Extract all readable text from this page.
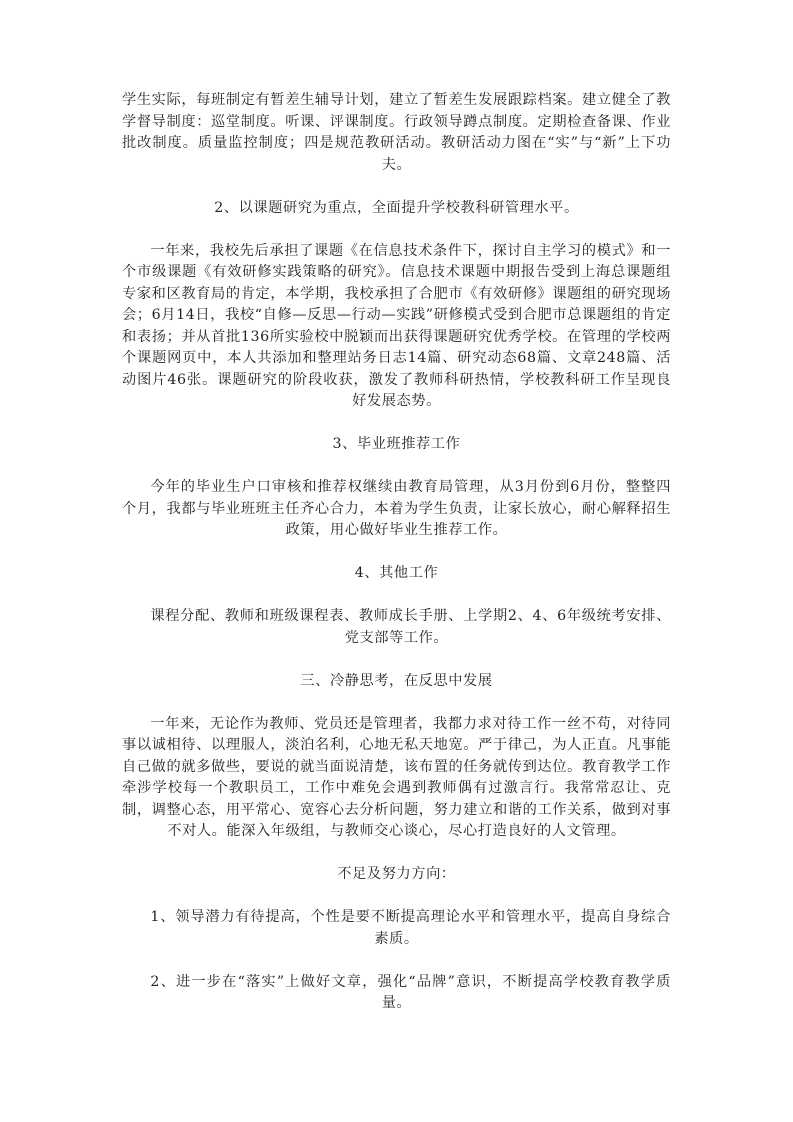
学生实际，每班制定有暂差生辅导计划，建立了暂差生发展跟踪档案。建立健全了教学督导制度：巡堂制度。听课、评课制度。行政领导蹲点制度。定期检查备课、作业批改制度。质量监控制度；四是规范教研活动。教研活动力图在“实”与“新”上下功夫。

2、以课题研究为重点，全面提升学校教科研管理水平。

一年来，我校先后承担了课题《在信息技术条件下，探讨自主学习的模式》和一个市级课题《有效研修实践策略的研究》。信息技术课题中期报告受到上海总课题组专家和区教育局的肯定，本学期，我校承担了合肥市《有效研修》课题组的研究现场会；6月14日，我校“自修—反思—行动—实践”研修模式受到合肥市总课题组的肯定和表扬；并从首批136所实验校中脱颖而出获得课题研究优秀学校。在管理的学校两个课题网页中，本人共添加和整理站务日志14篇、研究动态68篇、文章248篇、活动图片46张。课题研究的阶段收获，激发了教师科研热情，学校教科研工作呈现良好发展态势。

3、毕业班推荐工作

今年的毕业生户口审核和推荐权继续由教育局管理，从3月份到6月份，整整四个月，我都与毕业班班主任齐心合力，本着为学生负责，让家长放心，耐心解释招生政策，用心做好毕业生推荐工作。

4、其他工作

课程分配、教师和班级课程表、教师成长手册、上学期2、4、6年级统考安排、党支部等工作。

三、冷静思考，在反思中发展

一年来，无论作为教师、党员还是管理者，我都力求对待工作一丝不苟，对待同事以诚相待、以理服人，淡泊名利，心地无私天地宽。严于律己，为人正直。凡事能自己做的就多做些，要说的就当面说清楚，该布置的任务就传到达位。教育教学工作牵涉学校每一个教职员工，工作中难免会遇到教师偶有过激言行。我常常忍让、克制，调整心态，用平常心、宽容心去分析问题，努力建立和谐的工作关系，做到对事不对人。能深入年级组，与教师交心谈心，尽心打造良好的人文管理。

不足及努力方向：

1、领导潜力有待提高，个性是要不断提高理论水平和管理水平，提高自身综合素质。

2、进一步在“落实”上做好文章，强化“品牌”意识，不断提高学校教育教学质量。
